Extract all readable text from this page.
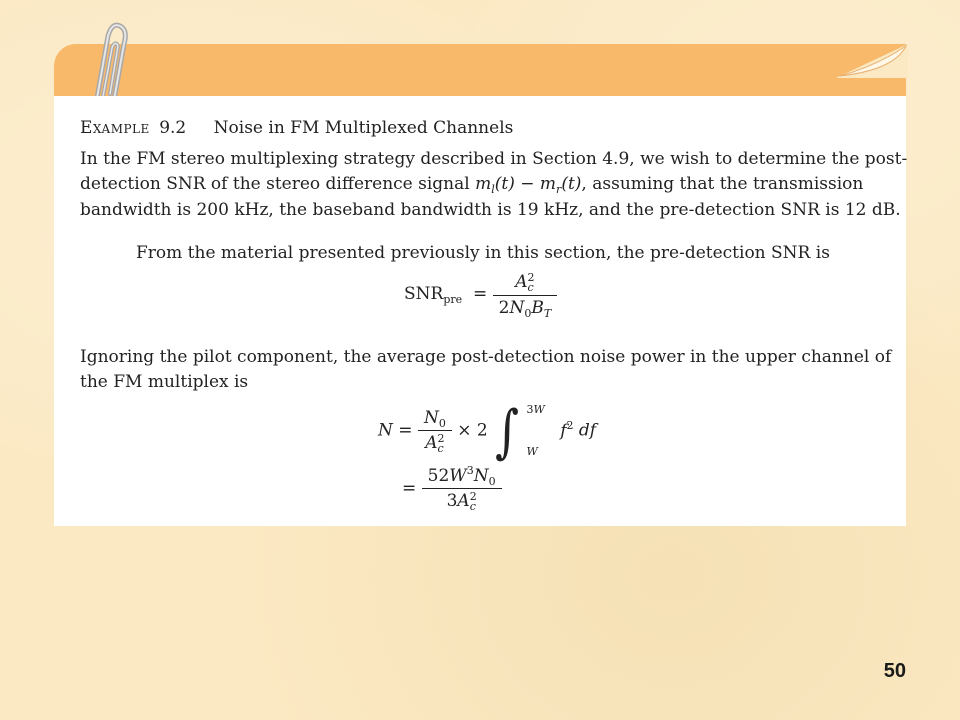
Example 9.2 Noise in FM Multiplexed Channels
In the FM stereo multiplexing strategy described in Section 4.9, we wish to determine the post-
detection SNR of the stereo difference signal $m_l(t) - m_r(t)$, assuming that the transmission
bandwidth is 200 kHz, the baseband bandwidth is 19 kHz, and the pre-detection SNR is 12 dB.
From the material presented previously in this section, the pre-detection SNR is
$SNR_{pre} = A$ 2
c
$2N_0B_T$
Ignoring the pilot component, the average post-detection noise power in the upper channel of
the FM multiplex is
$N = N_0$
A 2
c × 2 ∫ 3W

W
$f^2$ df
= $52W^3N_0$
3A 2
c
50
